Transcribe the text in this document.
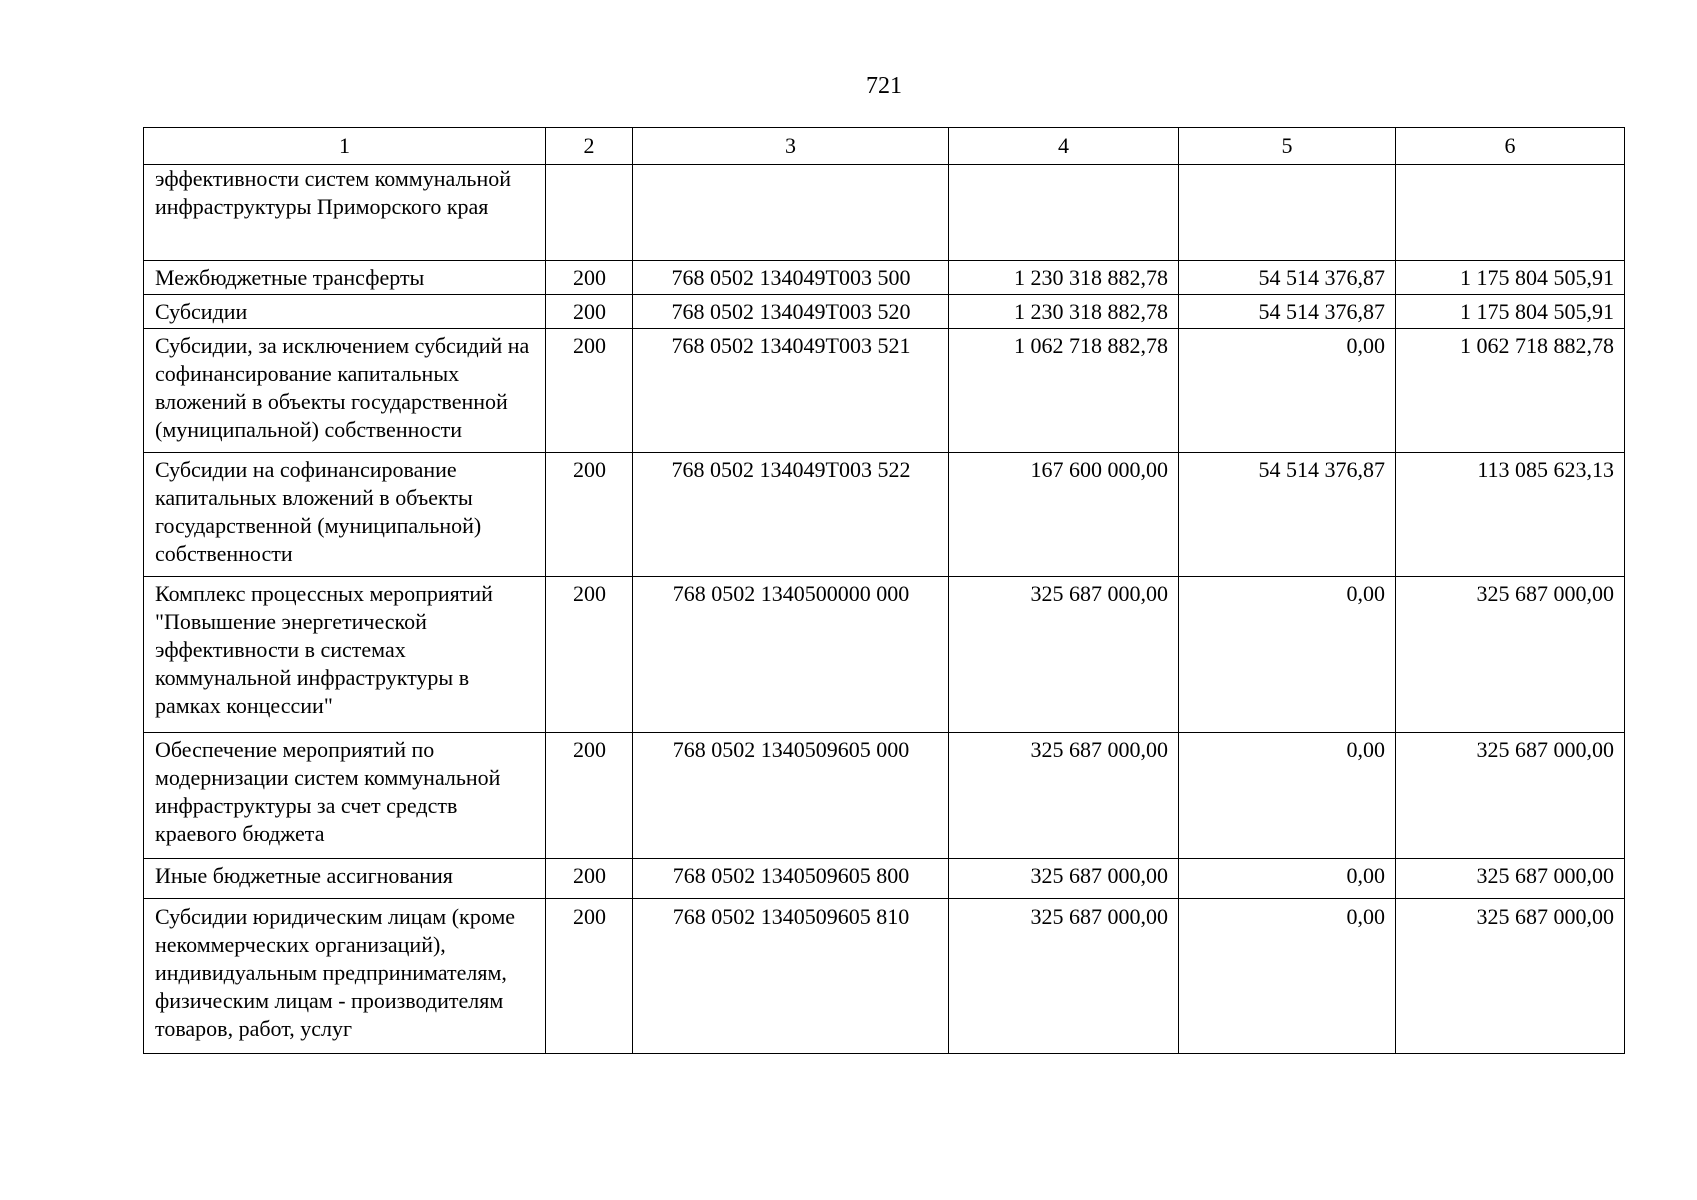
721
1	2	3	4	5	6
эффективности систем коммунальной инфраструктуры Приморского края					
Межбюджетные трансферты	200	768 0502 134049Т003 500	1 230 318 882,78	54 514 376,87	1 175 804 505,91
Субсидии	200	768 0502 134049Т003 520	1 230 318 882,78	54 514 376,87	1 175 804 505,91
Субсидии, за исключением субсидий на софинансирование капитальных вложений в объекты государственной (муниципальной) собственности	200	768 0502 134049Т003 521	1 062 718 882,78	0,00	1 062 718 882,78
Субсидии на софинансирование капитальных вложений в объекты государственной (муниципальной) собственности	200	768 0502 134049Т003 522	167 600 000,00	54 514 376,87	113 085 623,13
Комплекс процессных мероприятий "Повышение энергетической эффективности в системах коммунальной инфраструктуры в рамках концессии"	200	768 0502 1340500000 000	325 687 000,00	0,00	325 687 000,00
Обеспечение мероприятий по модернизации систем коммунальной инфраструктуры за счет средств краевого бюджета	200	768 0502 1340509605 000	325 687 000,00	0,00	325 687 000,00
Иные бюджетные ассигнования	200	768 0502 1340509605 800	325 687 000,00	0,00	325 687 000,00
Субсидии юридическим лицам (кроме некоммерческих организаций), индивидуальным предпринимателям, физическим лицам - производителям товаров, работ, услуг	200	768 0502 1340509605 810	325 687 000,00	0,00	325 687 000,00
